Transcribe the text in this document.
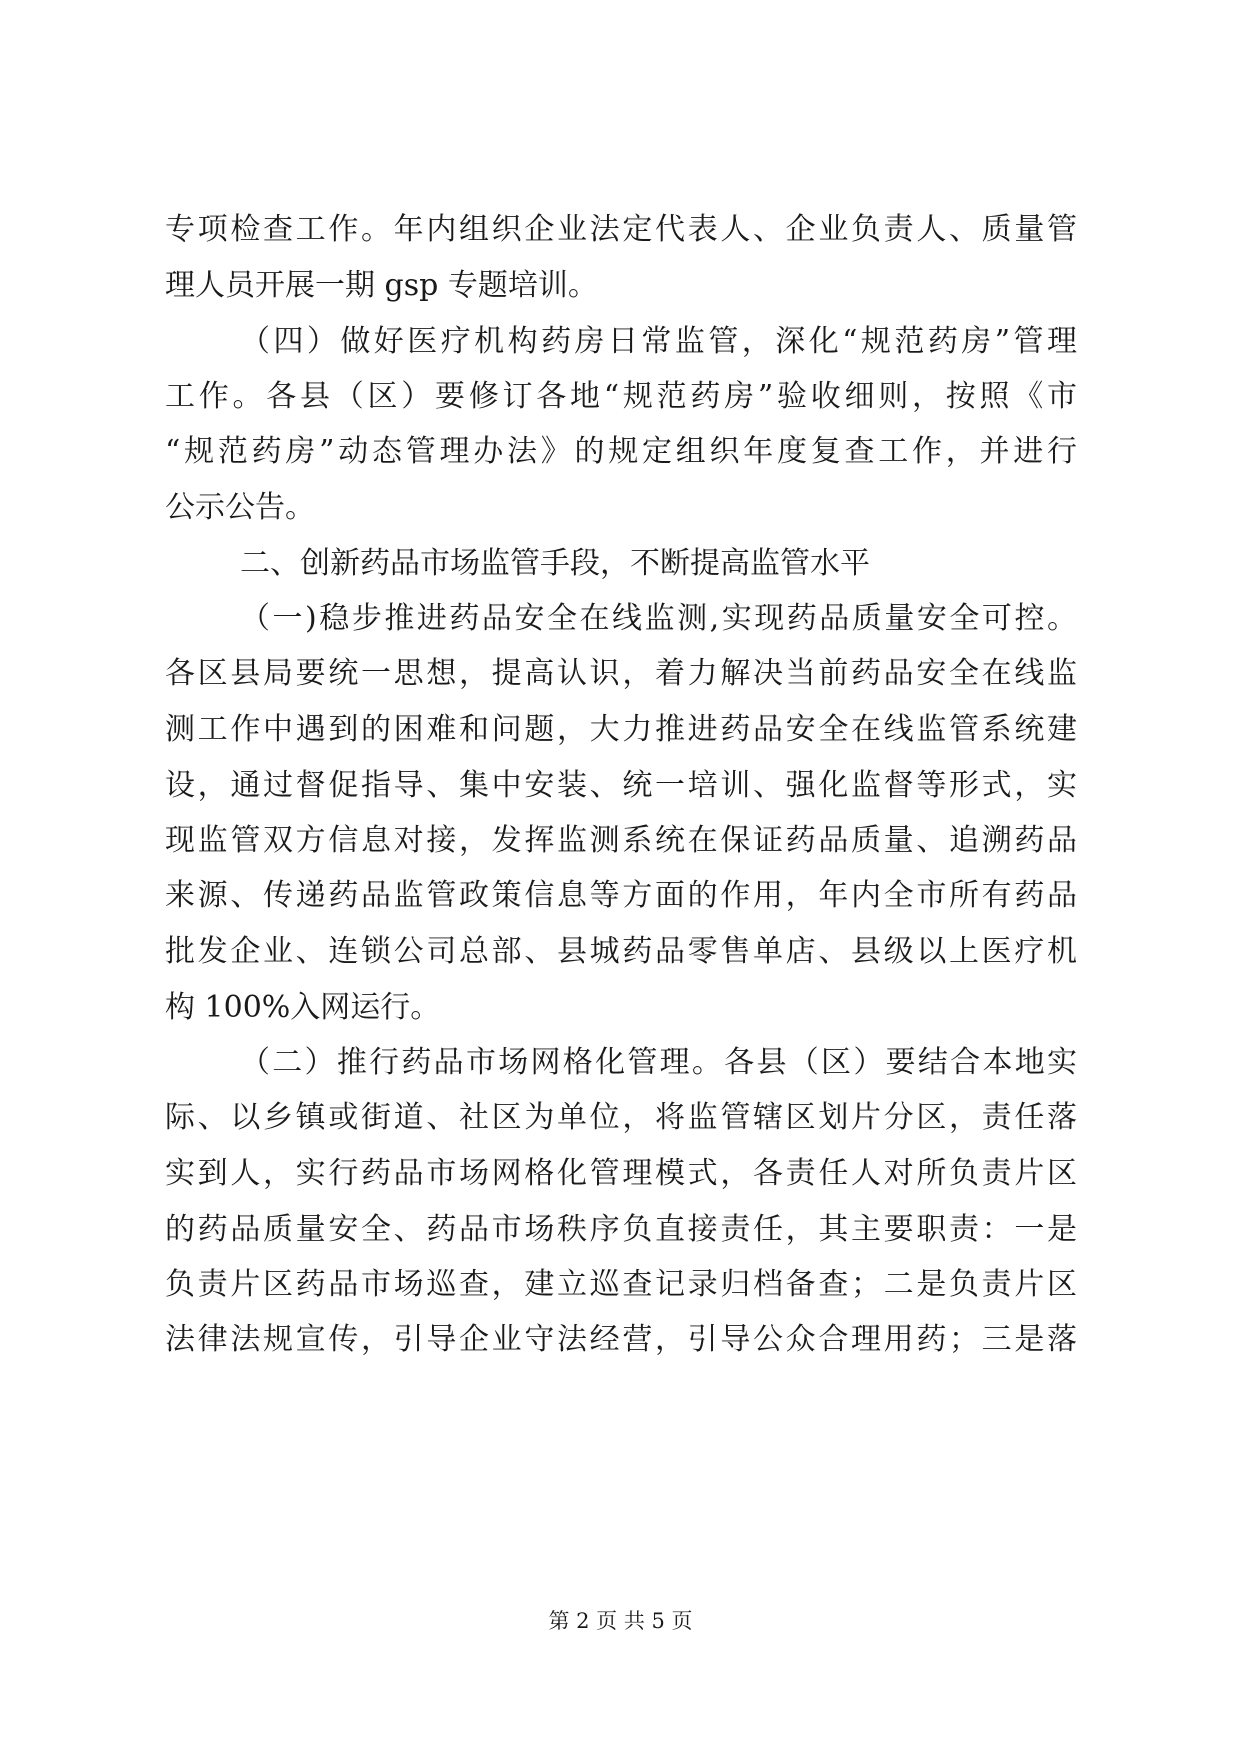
专项检查工作。年内组织企业法定代表人、企业负责人、质量管
理人员开展一期 gsp 专题培训。
（四）做好医疗机构药房日常监管，深化“规范药房”管理
工作。各县（区）要修订各地“规范药房”验收细则，按照《市
“规范药房”动态管理办法》的规定组织年度复查工作，并进行
公示公告。
二、创新药品市场监管手段，不断提高监管水平
（一)稳步推进药品安全在线监测,实现药品质量安全可控。
各区县局要统一思想，提高认识，着力解决当前药品安全在线监
测工作中遇到的困难和问题，大力推进药品安全在线监管系统建
设，通过督促指导、集中安装、统一培训、强化监督等形式，实
现监管双方信息对接，发挥监测系统在保证药品质量、追溯药品
来源、传递药品监管政策信息等方面的作用，年内全市所有药品
批发企业、连锁公司总部、县城药品零售单店、县级以上医疗机
构 100%入网运行。
（二）推行药品市场网格化管理。各县（区）要结合本地实
际、以乡镇或街道、社区为单位，将监管辖区划片分区，责任落
实到人，实行药品市场网格化管理模式，各责任人对所负责片区
的药品质量安全、药品市场秩序负直接责任，其主要职责：一是
负责片区药品市场巡查，建立巡查记录归档备查；二是负责片区
法律法规宣传，引导企业守法经营，引导公众合理用药；三是落
第 2 页 共 5 页
